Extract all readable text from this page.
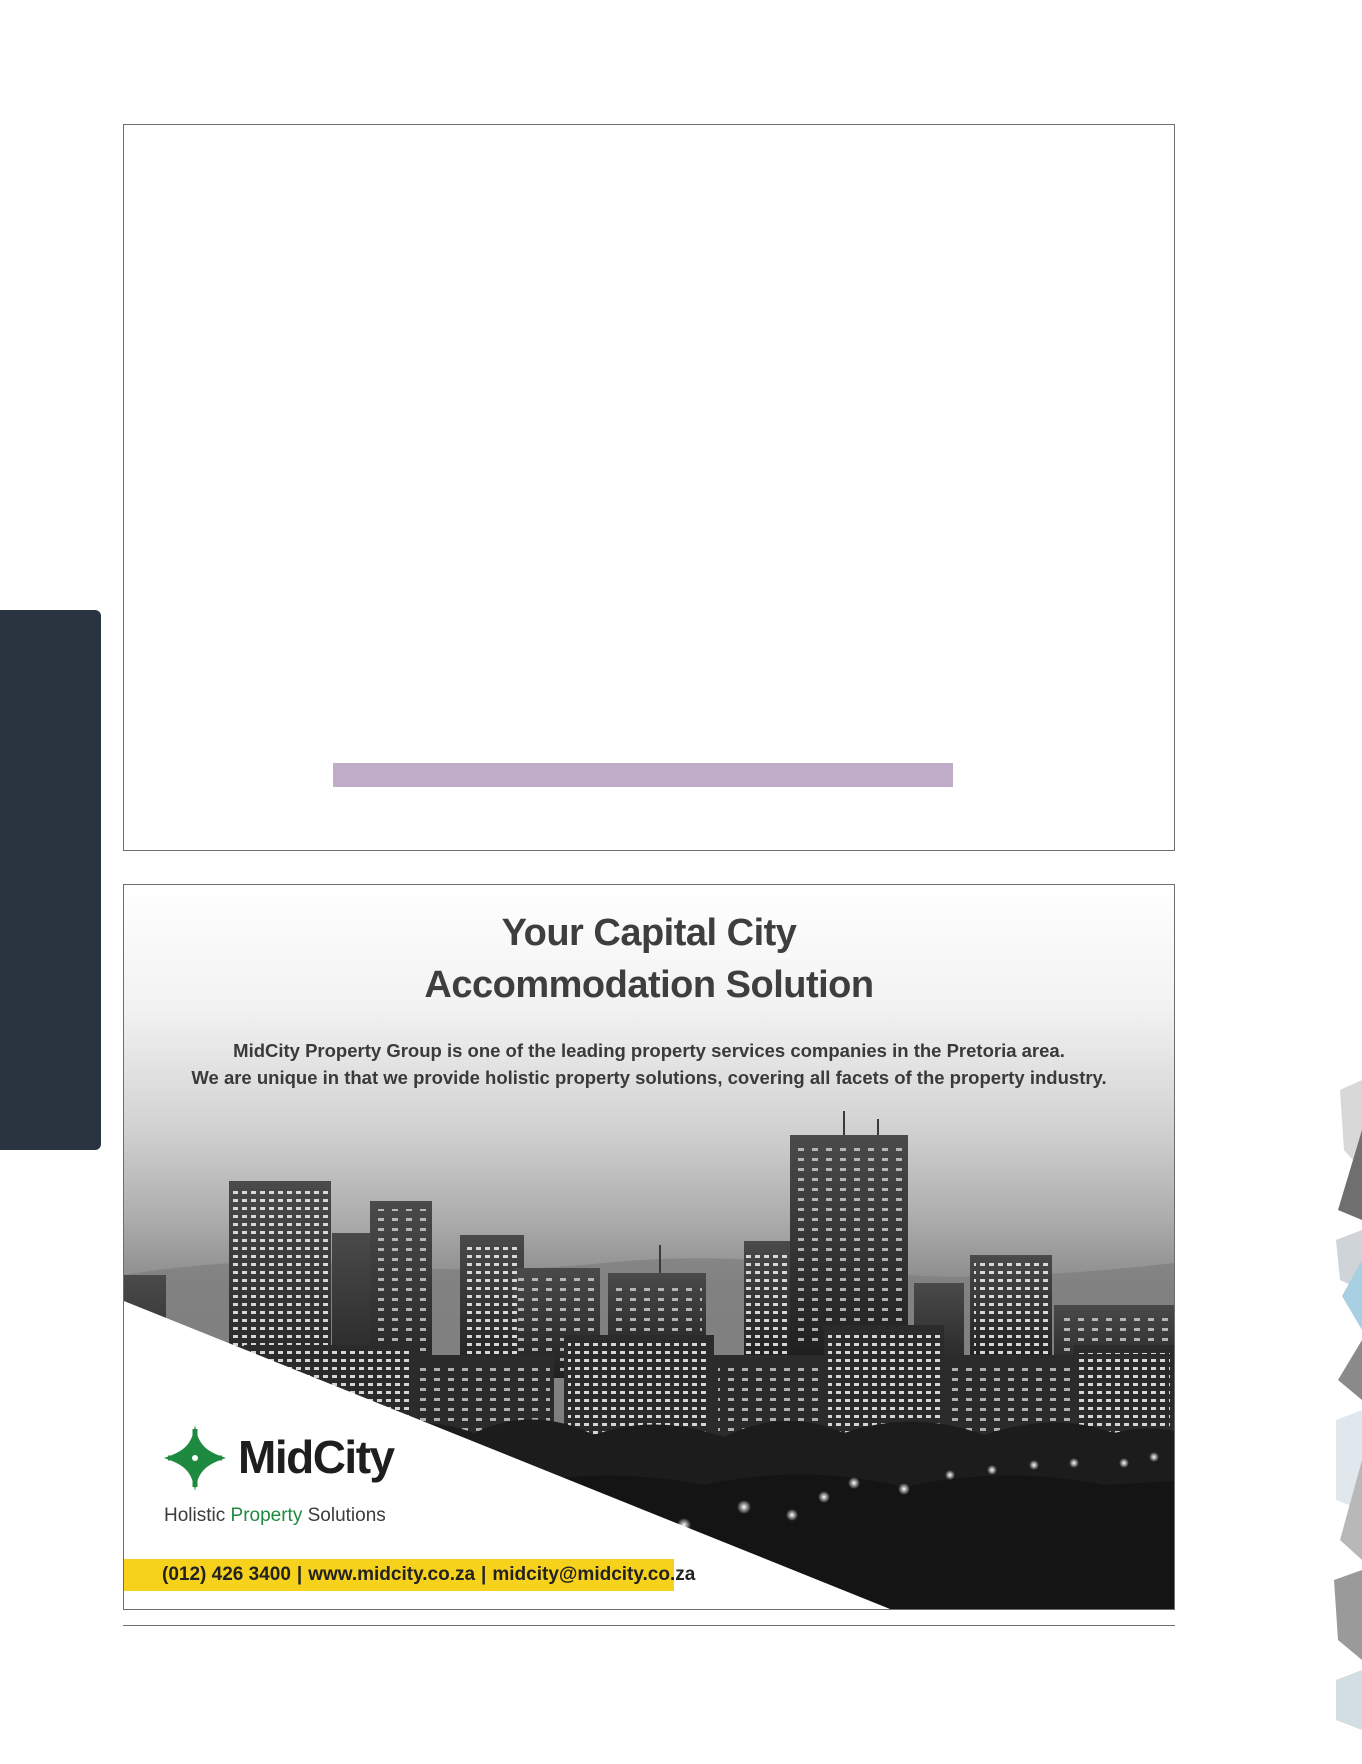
Your Capital City
Accommodation Solution
MidCity Property Group is one of the leading property services companies in the Pretoria area.
We are unique in that we provide holistic property solutions, covering all facets of the property industry.
MidCity
Holistic Property Solutions
(012) 426 3400 | www.midcity.co.za | midcity@midcity.co.za
